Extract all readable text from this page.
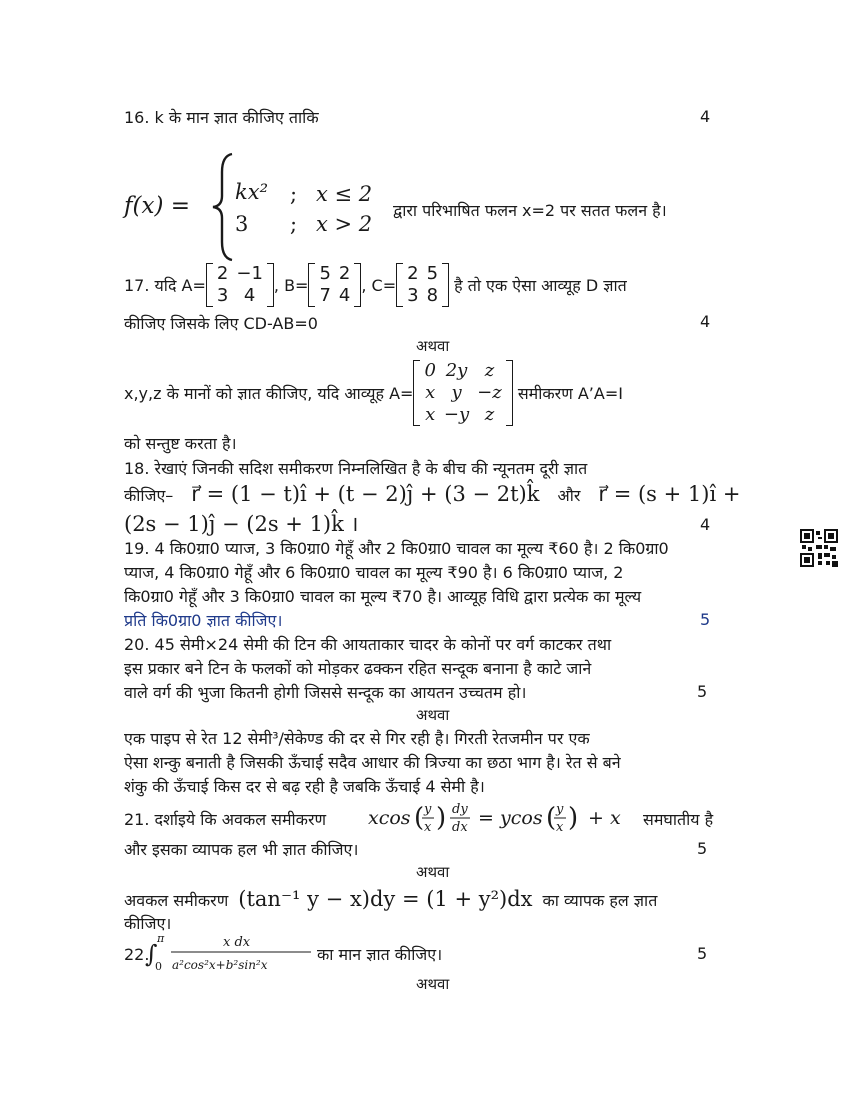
16. k के मान ज्ञात कीजिए ताकि	4
f(x) =
kx² ; x ≤ 2
3 ; x > 2
द्वारा परिभाषित फलन x=2 पर सतत फलन है।
17. यदि
A=
2	−1
3	4 , B=
5	2
7	4 , C=
2	5
3	8
है तो एक ऐसा आव्यूह D ज्ञात
कीजिए जिसके लिए CD-AB=0	4
अथवा
x,y,z के मानों को ज्ञात कीजिए, यदि आव्यूह A=
0	2y	z
x	y	−z
x	−y	z

समीकरण A’A=I
को सन्तुष्ट करता है।
18. रेखाएं जिनकी सदिश समीकरण निम्नलिखित है के बीच की न्यूनतम दूरी ज्ञात
कीजिए– r⃗ = (1 − t)î + (t − 2)ĵ + (3 − 2t)k̂ और r⃗ = (s + 1)î +
(2s − 1)ĵ − (2s + 1)k̂ ।	4
19. 4 कि0ग्रा0 प्याज, 3 कि0ग्रा0 गेहूँ और 2 कि0ग्रा0 चावल का मूल्य ₹60 है। 2 कि0ग्रा0
प्याज, 4 कि0ग्रा0 गेहूँ और 6 कि0ग्रा0 चावल का मूल्य ₹90 है। 6 कि0ग्रा0 प्याज, 2
कि0ग्रा0 गेहूँ और 3 कि0ग्रा0 चावल का मूल्य ₹70 है। आव्यूह विधि द्वारा प्रत्येक का मूल्य
प्रति कि0ग्रा0 ज्ञात कीजिए।	5
20. 45 सेमी×24 सेमी की टिन की आयताकार चादर के कोनों पर वर्ग काटकर तथा
इस प्रकार बने टिन के फलकों को मोड़कर ढक्कन रहित सन्दूक बनाना है काटे जाने
वाले वर्ग की भुजा कितनी होगी जिससे सन्दूक का आयतन उच्चतम हो।	5
अथवा
एक पाइप से रेत 12 सेमी³/सेकेण्ड की दर से गिर रही है। गिरती रेतजमीन पर एक
ऐसा शन्कु बनाती है जिसकी ऊँचाई सदैव आधार की त्रिज्या का छठा भाग है। रेत से बने
शंकु की ऊँचाई किस दर से बढ़ रही है जबकि ऊँचाई 4 सेमी है।
21. दर्शाइये कि अवकल समीकरण xcos ( y
x ) dy
dx = ycos ( y
x ) + x समघातीय है
और इसका व्यापक हल भी ज्ञात कीजिए।	5
अथवा
अवकल समीकरण (tan⁻¹ y − x)dy = (1 + y²)dx का व्यापक हल ज्ञात
कीजिए।
22.
∫
π
0
x dx
a²cos²x+b²sin²x
का मान ज्ञात कीजिए।	5
अथवा
